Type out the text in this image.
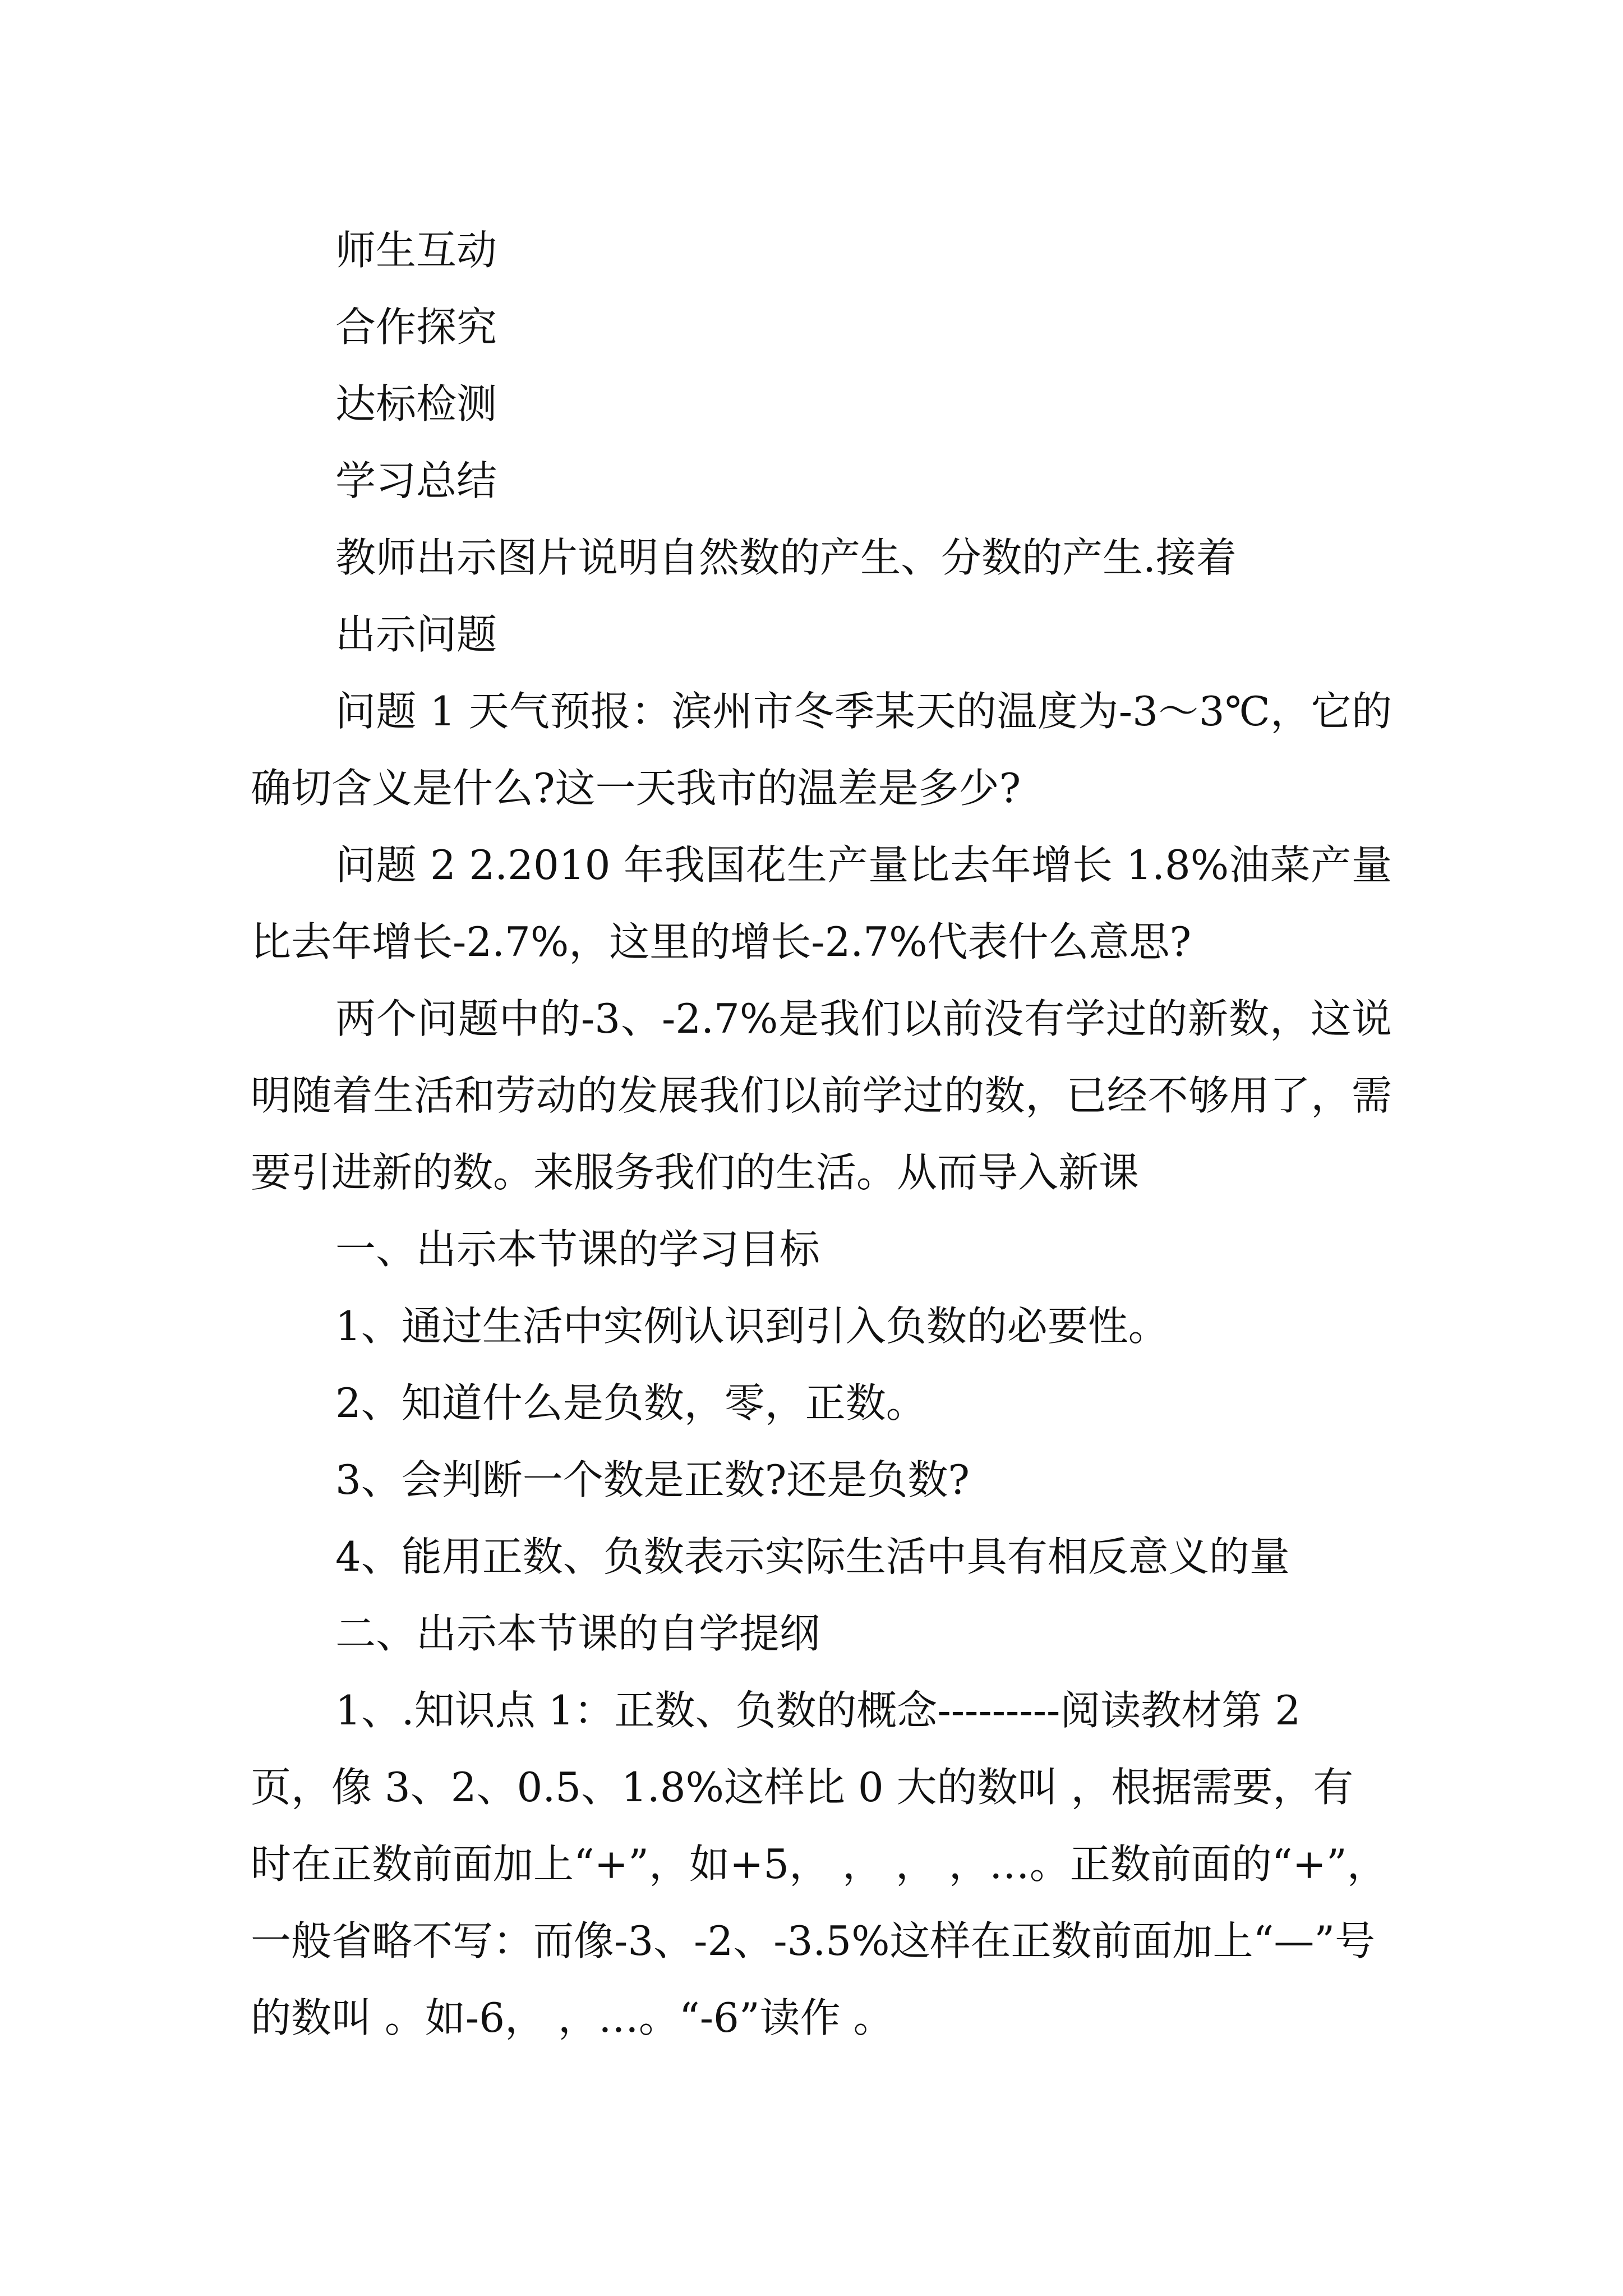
师生互动

合作探究

达标检测

学习总结

教师出示图片说明自然数的产生、分数的产生.接着

出示问题

问题 1 天气预报：滨州市冬季某天的温度为-3～3℃，它的确切含义是什么?这一天我市的温差是多少?

问题 2 2.2010 年我国花生产量比去年增长 1.8%油菜产量比去年增长-2.7%，这里的增长-2.7%代表什么意思?

两个问题中的-3、-2.7%是我们以前没有学过的新数，这说明随着生活和劳动的发展我们以前学过的数，已经不够用了，需要引进新的数。来服务我们的生活。从而导入新课

一、出示本节课的学习目标

1、通过生活中实例认识到引入负数的必要性。

2、知道什么是负数，零，正数。

3、会判断一个数是正数?还是负数?

4、能用正数、负数表示实际生活中具有相反意义的量

二、出示本节课的自学提纲

1、.知识点 1：正数、负数的概念---------阅读教材第 2 页，像 3、2、0.5、1.8%这样比 0 大的数叫 ，根据需要，有时在正数前面加上“+”，如+5， ， ， ，…。正数前面的“+”，一般省略不写：而像-3、-2、-3.5%这样在正数前面加上“—”号的数叫 。如-6， ，…。“-6”读作 。
